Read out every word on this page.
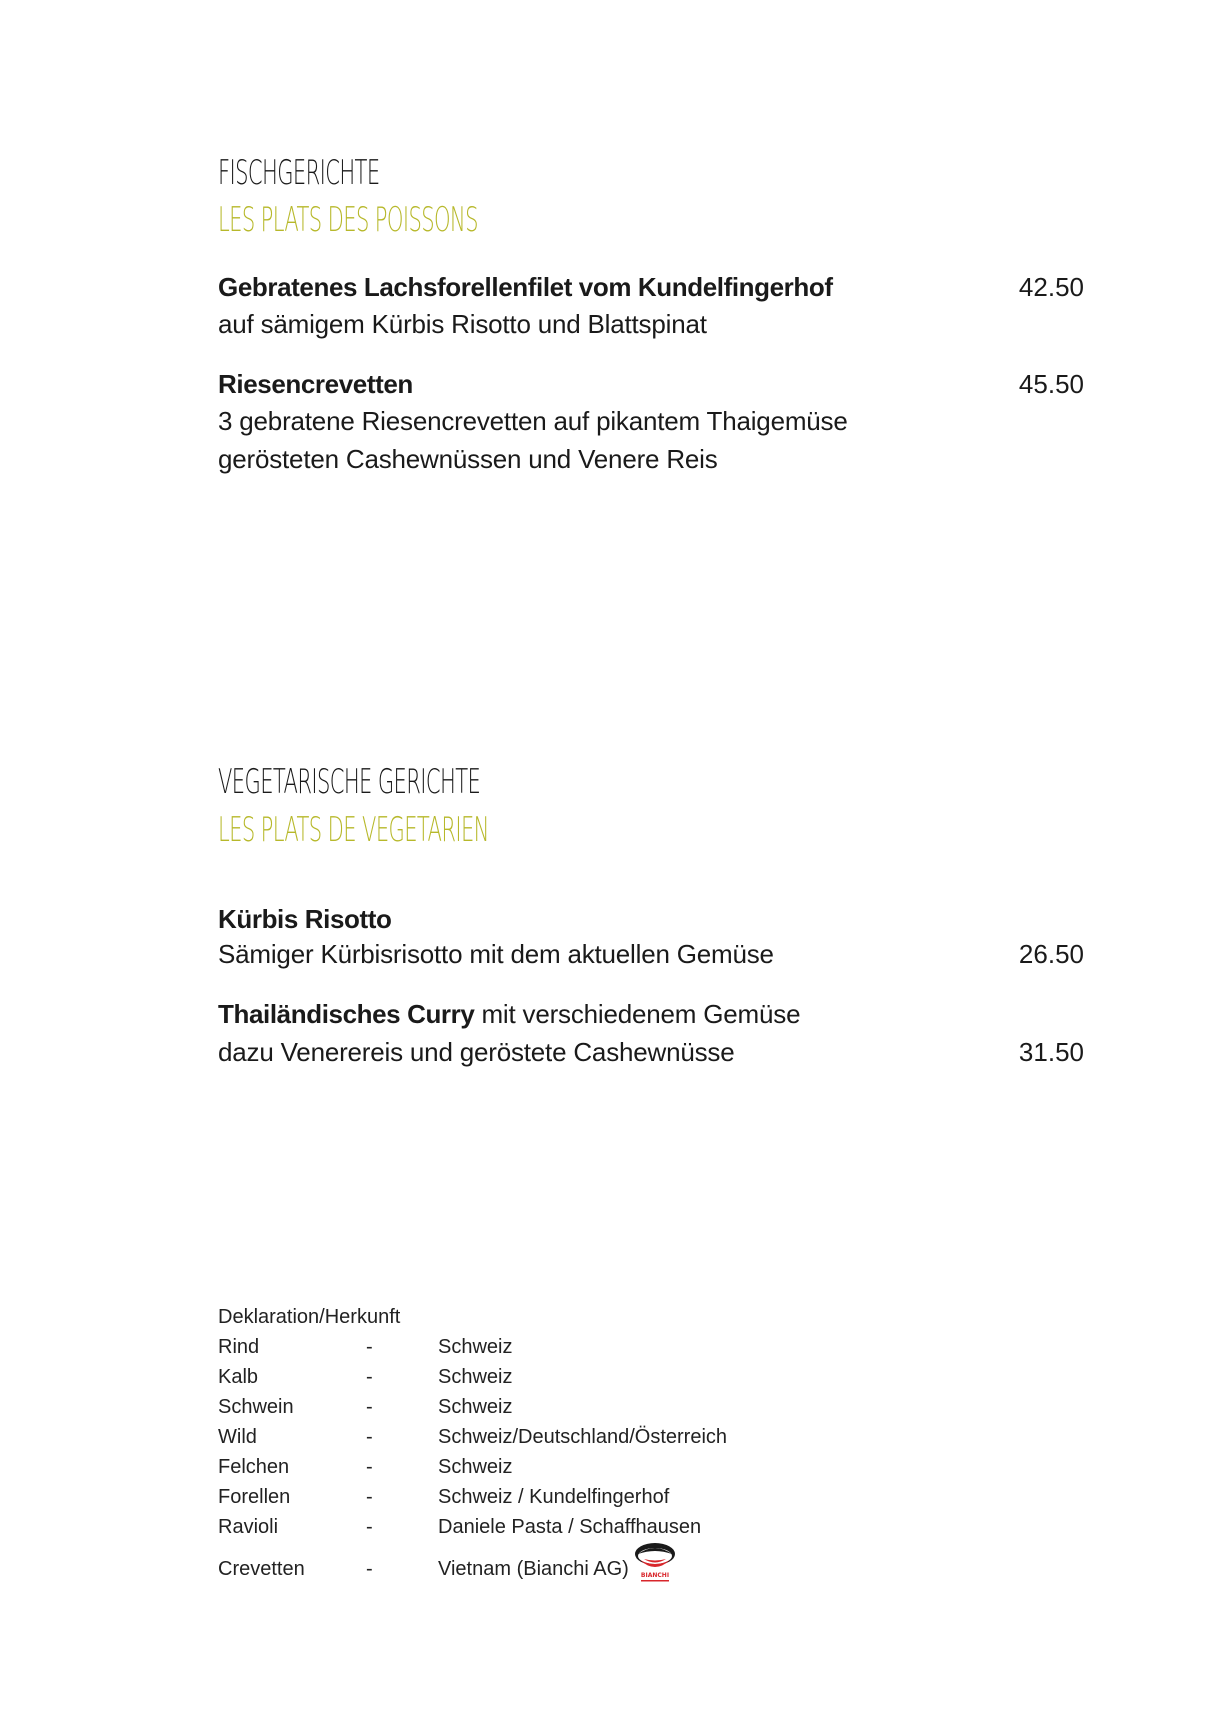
FISCHGERICHTE
LES PLATS DES POISSONS
Gebratenes Lachsforellenfilet vom Kundelfingerhof	42.50
auf sämigem Kürbis Risotto und Blattspinat
Riesencrevetten	45.50
3 gebratene Riesencrevetten auf pikantem Thaigemüse
gerösteten Cashewnüssen und Venere Reis
VEGETARISCHE GERICHTE
LES PLATS DE VEGETARIEN
Kürbis Risotto
Sämiger Kürbisrisotto mit dem aktuellen Gemüse	26.50
Thailändisches Curry mit verschiedenem Gemüse
dazu Venerereis und geröstete Cashewnüsse	31.50
Deklaration/Herkunft
Rind	-	Schweiz
Kalb	-	Schweiz
Schwein	-	Schweiz
Wild	-	Schweiz/Deutschland/Österreich
Felchen	-	Schweiz
Forellen	-	Schweiz / Kundelfingerhof
Ravioli	-	Daniele Pasta / Schaffhausen
Crevetten	-	Vietnam (Bianchi AG) BIANCHI
